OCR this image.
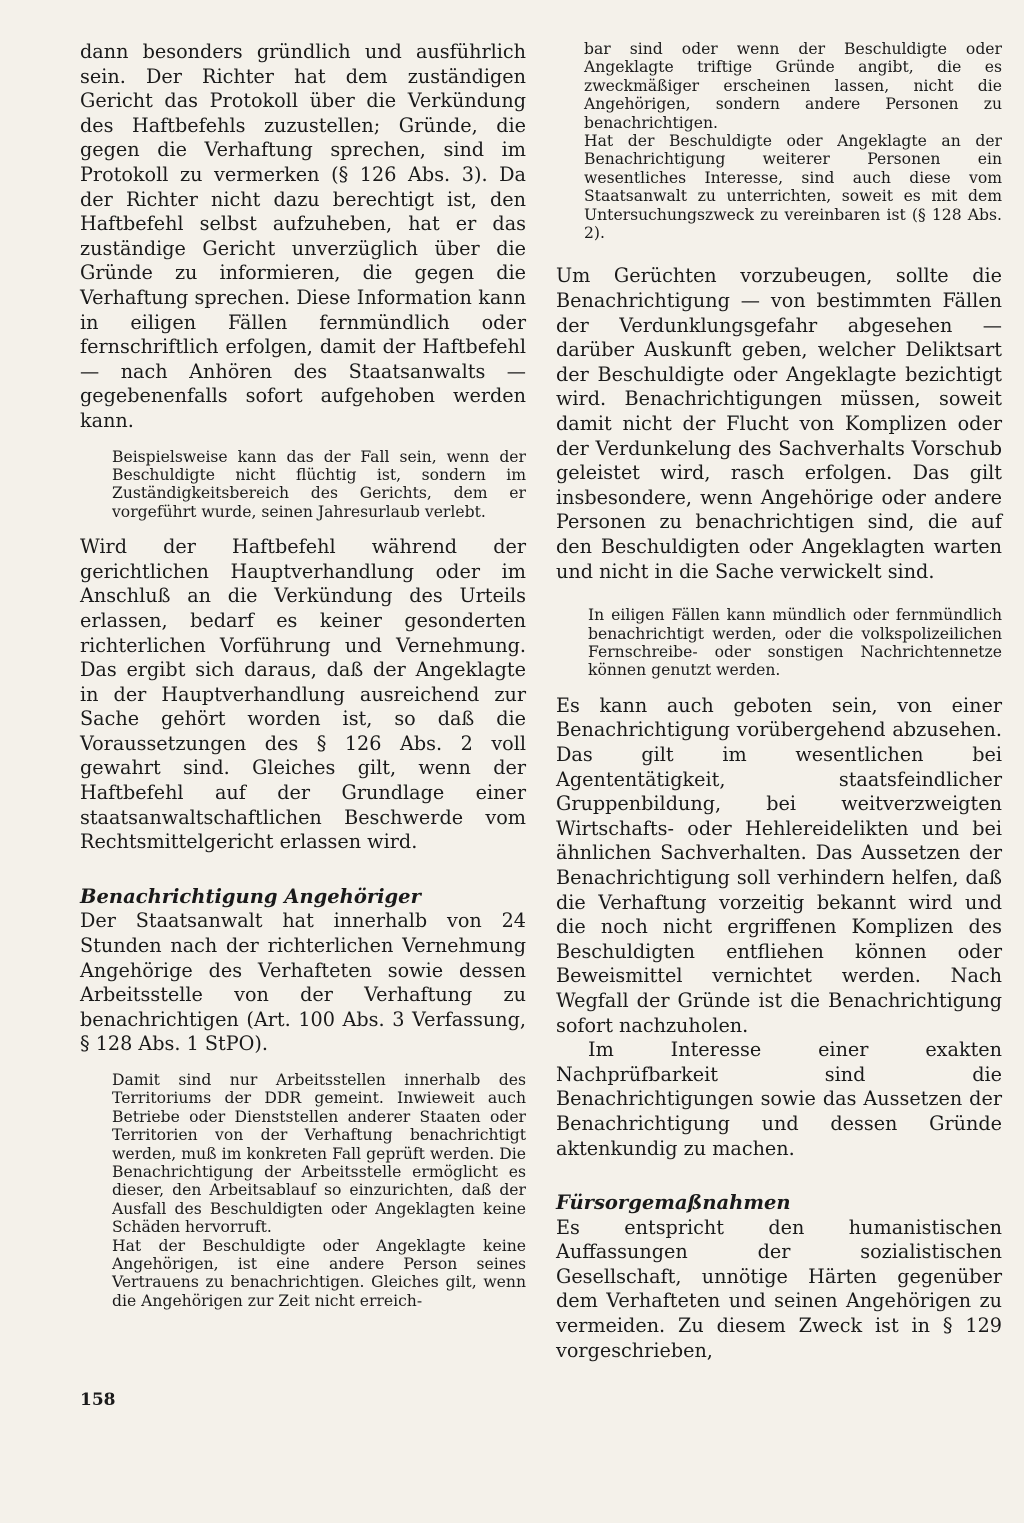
dann besonders gründlich und ausführlich sein. Der Richter hat dem zuständigen Gericht das Protokoll über die Verkündung des Haftbefehls zuzustellen; Gründe, die gegen die Verhaftung sprechen, sind im Protokoll zu vermerken (§ 126 Abs. 3). Da der Richter nicht dazu berechtigt ist, den Haftbefehl selbst aufzuheben, hat er das zuständige Gericht unverzüglich über die Gründe zu informieren, die gegen die Verhaftung sprechen. Diese Information kann in eiligen Fällen fernmündlich oder fernschriftlich erfolgen, damit der Haftbefehl — nach Anhören des Staatsanwalts — gegebenenfalls sofort aufgehoben werden kann.

Beispielsweise kann das der Fall sein, wenn der Beschuldigte nicht flüchtig ist, sondern im Zuständigkeitsbereich des Gerichts, dem er vorgeführt wurde, seinen Jahresurlaub verlebt.

Wird der Haftbefehl während der gerichtlichen Hauptverhandlung oder im Anschluß an die Verkündung des Urteils erlassen, bedarf es keiner gesonderten richterlichen Vorführung und Vernehmung. Das ergibt sich daraus, daß der Angeklagte in der Hauptverhandlung ausreichend zur Sache gehört worden ist, so daß die Voraussetzungen des § 126 Abs. 2 voll gewahrt sind. Gleiches gilt, wenn der Haftbefehl auf der Grundlage einer staatsanwaltschaftlichen Beschwerde vom Rechtsmittelgericht erlassen wird.

Benachrichtigung Angehöriger

Der Staatsanwalt hat innerhalb von 24 Stunden nach der richterlichen Vernehmung Angehörige des Verhafteten sowie dessen Arbeitsstelle von der Verhaftung zu benachrichtigen (Art. 100 Abs. 3 Verfassung, § 128 Abs. 1 StPO).

Damit sind nur Arbeitsstellen innerhalb des Territoriums der DDR gemeint. Inwieweit auch Betriebe oder Dienststellen anderer Staaten oder Territorien von der Verhaftung benachrichtigt werden, muß im konkreten Fall geprüft werden. Die Benachrichtigung der Arbeitsstelle ermöglicht es dieser, den Arbeitsablauf so einzurichten, daß der Ausfall des Beschuldigten oder Angeklagten keine Schäden hervorruft.

Hat der Beschuldigte oder Angeklagte keine Angehörigen, ist eine andere Person seines Vertrauens zu benachrichtigen. Gleiches gilt, wenn die Angehörigen zur Zeit nicht erreich-

bar sind oder wenn der Beschuldigte oder Angeklagte triftige Gründe angibt, die es zweckmäßiger erscheinen lassen, nicht die Angehörigen, sondern andere Personen zu benachrichtigen.

Hat der Beschuldigte oder Angeklagte an der Benachrichtigung weiterer Personen ein wesentliches Interesse, sind auch diese vom Staatsanwalt zu unterrichten, soweit es mit dem Untersuchungszweck zu vereinbaren ist (§ 128 Abs. 2).

Um Gerüchten vorzubeugen, sollte die Benachrichtigung — von bestimmten Fällen der Verdunklungsgefahr abgesehen — darüber Auskunft geben, welcher Deliktsart der Beschuldigte oder Angeklagte bezichtigt wird. Benachrichtigungen müssen, soweit damit nicht der Flucht von Komplizen oder der Verdunkelung des Sachverhalts Vorschub geleistet wird, rasch erfolgen. Das gilt insbesondere, wenn Angehörige oder andere Personen zu benachrichtigen sind, die auf den Beschuldigten oder Angeklagten warten und nicht in die Sache verwickelt sind.

In eiligen Fällen kann mündlich oder fernmündlich benachrichtigt werden, oder die volkspolizeilichen Fernschreibe- oder sonstigen Nachrichtennetze können genutzt werden.

Es kann auch geboten sein, von einer Benachrichtigung vorübergehend abzusehen. Das gilt im wesentlichen bei Agententätigkeit, staatsfeindlicher Gruppenbildung, bei weitverzweigten Wirtschafts- oder Hehlereidelikten und bei ähnlichen Sachverhalten. Das Aussetzen der Benachrichtigung soll verhindern helfen, daß die Verhaftung vorzeitig bekannt wird und die noch nicht ergriffenen Komplizen des Beschuldigten entfliehen können oder Beweismittel vernichtet werden. Nach Wegfall der Gründe ist die Benachrichtigung sofort nachzuholen.

Im Interesse einer exakten Nachprüfbarkeit sind die Benachrichtigungen sowie das Aussetzen der Benachrichtigung und dessen Gründe aktenkundig zu machen.

Fürsorgemaßnahmen

Es entspricht den humanistischen Auffassungen der sozialistischen Gesellschaft, unnötige Härten gegenüber dem Verhafteten und seinen Angehörigen zu vermeiden. Zu diesem Zweck ist in § 129 vorgeschrieben,

158
